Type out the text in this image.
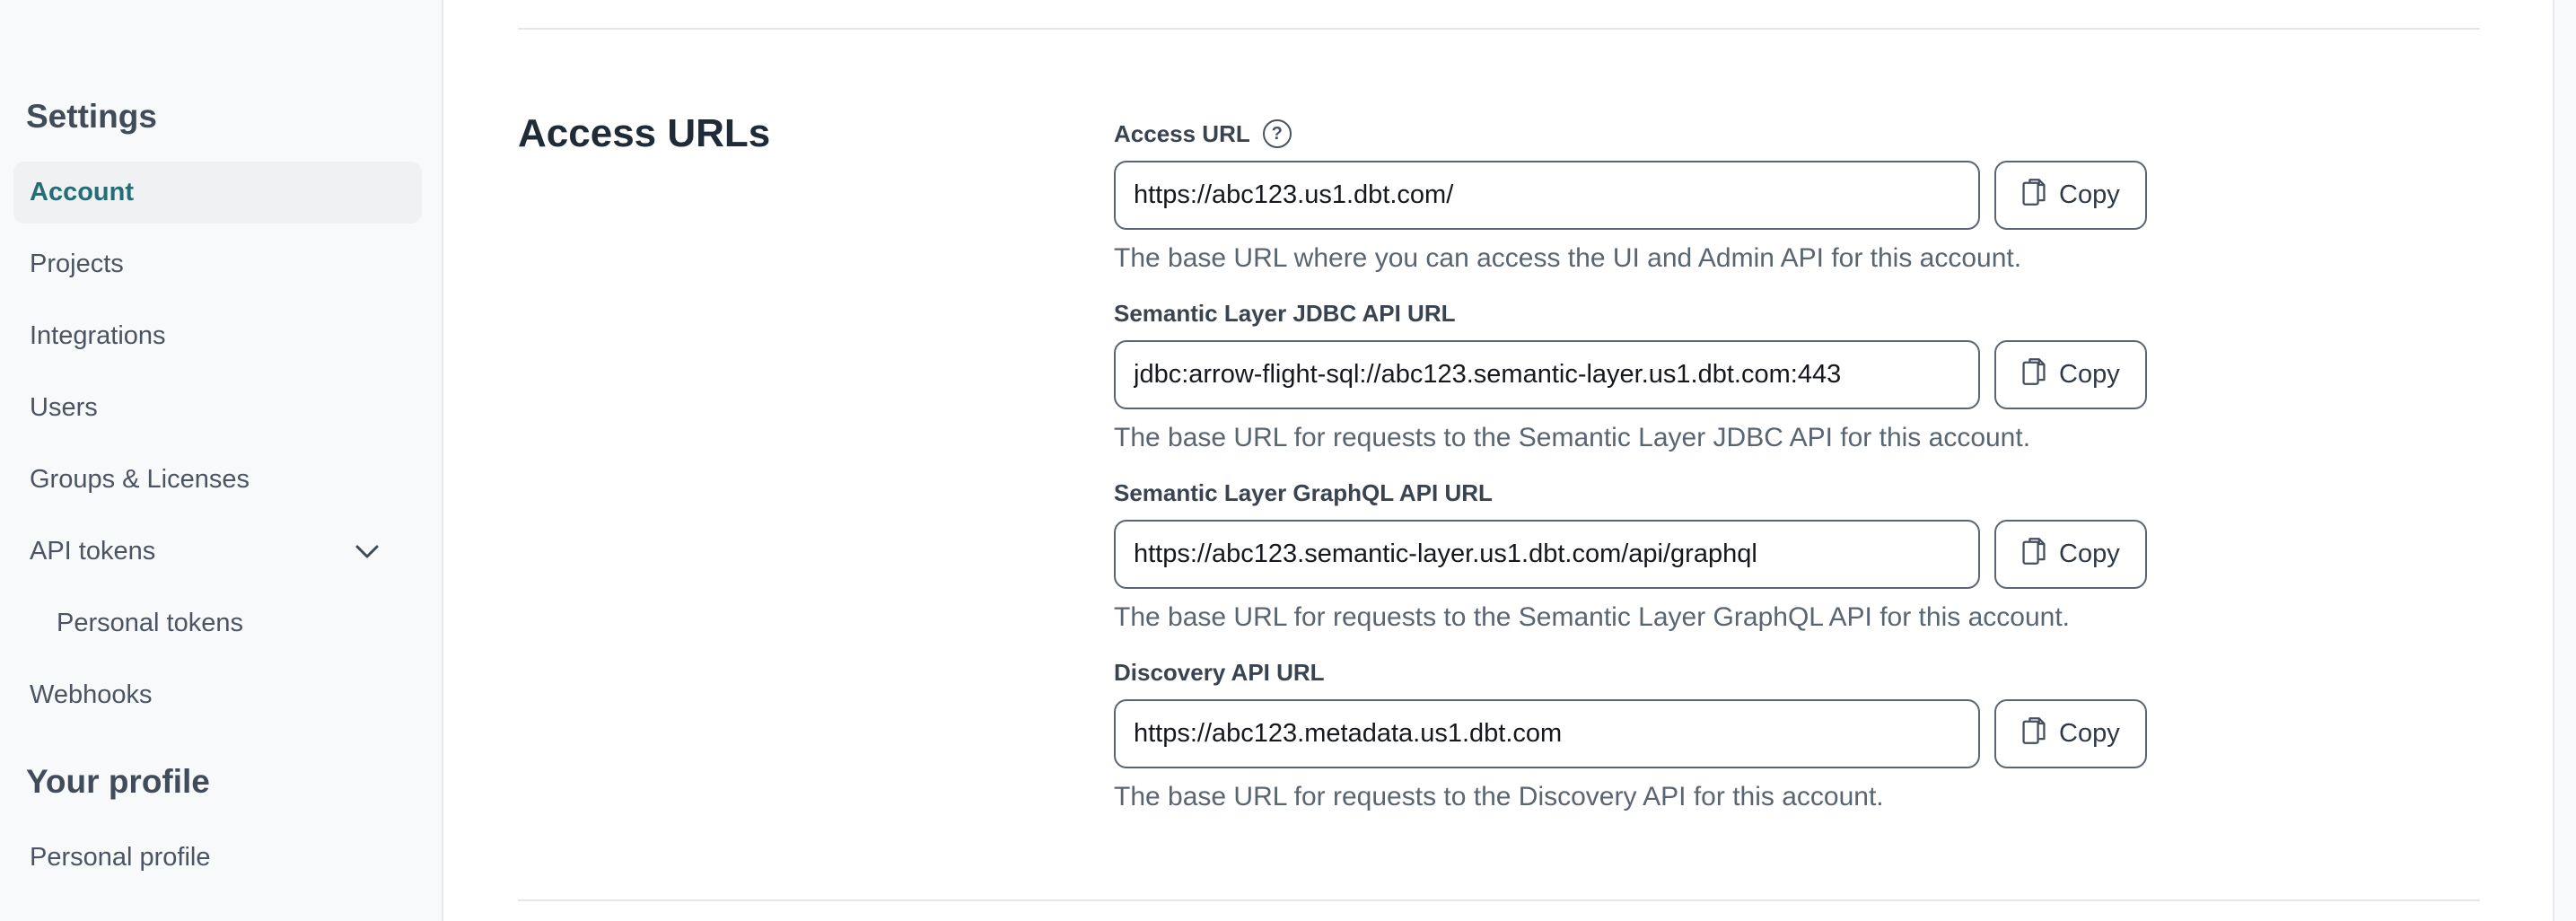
Settings
Account
Projects
Integrations
Users
Groups & Licenses
API tokens
Personal tokens
Webhooks
Your profile
Personal profile
Access URLs	Access URL	?
https://abc123.us1.dbt.com/
Copy
The base URL where you can access the UI and Admin API for this account.
Semantic Layer JDBC API URL
jdbc:arrow-flight-sql://abc123.semantic-layer.us1.dbt.com:443
Copy
The base URL for requests to the Semantic Layer JDBC API for this account.
Semantic Layer GraphQL API URL
https://abc123.semantic-layer.us1.dbt.com/api/graphql
Copy
The base URL for requests to the Semantic Layer GraphQL API for this account.
Discovery API URL
https://abc123.metadata.us1.dbt.com
Copy
The base URL for requests to the Discovery API for this account.
